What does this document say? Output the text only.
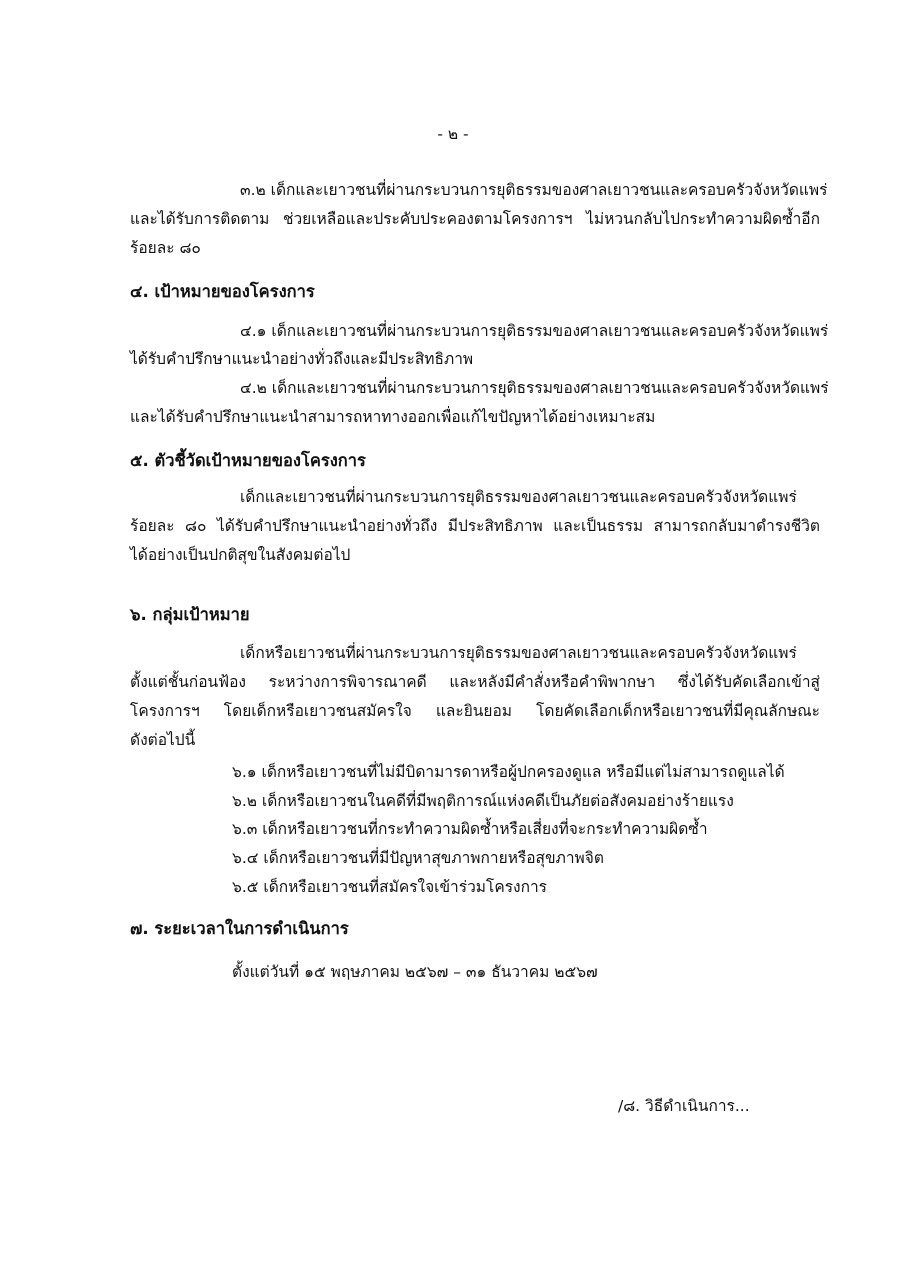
- ๒ -
๓.๒ เด็กและเยาวชนที่ผ่านกระบวนการยุติธรรมของศาลเยาวชนและครอบครัวจังหวัดแพร่
และได้รับการติดตาม ช่วยเหลือและประคับประคองตามโครงการฯ ไม่หวนกลับไปกระทำความผิดซ้ำอีก
ร้อยละ ๘๐
๔. เป้าหมายของโครงการ
๔.๑ เด็กและเยาวชนที่ผ่านกระบวนการยุติธรรมของศาลเยาวชนและครอบครัวจังหวัดแพร่
ได้รับคำปรึกษาแนะนำอย่างทั่วถึงและมีประสิทธิภาพ
๔.๒ เด็กและเยาวชนที่ผ่านกระบวนการยุติธรรมของศาลเยาวชนและครอบครัวจังหวัดแพร่
และได้รับคำปรึกษาแนะนำสามารถหาทางออกเพื่อแก้ไขปัญหาได้อย่างเหมาะสม
๕. ตัวชี้วัดเป้าหมายของโครงการ
เด็กและเยาวชนที่ผ่านกระบวนการยุติธรรมของศาลเยาวชนและครอบครัวจังหวัดแพร่
ร้อยละ ๘๐ ได้รับคำปรึกษาแนะนำอย่างทั่วถึง มีประสิทธิภาพ และเป็นธรรม สามารถกลับมาดำรงชีวิต
ได้อย่างเป็นปกติสุขในสังคมต่อไป
๖. กลุ่มเป้าหมาย
เด็กหรือเยาวชนที่ผ่านกระบวนการยุติธรรมของศาลเยาวชนและครอบครัวจังหวัดแพร่
ตั้งแต่ชั้นก่อนฟ้อง ระหว่างการพิจารณาคดี และหลังมีคำสั่งหรือคำพิพากษา ซึ่งได้รับคัดเลือกเข้าสู่
โครงการฯ โดยเด็กหรือเยาวชนสมัครใจ และยินยอม โดยคัดเลือกเด็กหรือเยาวชนที่มีคุณลักษณะ
ดังต่อไปนี้
๖.๑ เด็กหรือเยาวชนที่ไม่มีบิดามารดาหรือผู้ปกครองดูแล หรือมีแต่ไม่สามารถดูแลได้
๖.๒ เด็กหรือเยาวชนในคดีที่มีพฤติการณ์แห่งคดีเป็นภัยต่อสังคมอย่างร้ายแรง
๖.๓ เด็กหรือเยาวชนที่กระทำความผิดซ้ำหรือเสี่ยงที่จะกระทำความผิดซ้ำ
๖.๔ เด็กหรือเยาวชนที่มีปัญหาสุขภาพกายหรือสุขภาพจิต
๖.๕ เด็กหรือเยาวชนที่สมัครใจเข้าร่วมโครงการ
๗. ระยะเวลาในการดำเนินการ
ตั้งแต่วันที่ ๑๕ พฤษภาคม ๒๕๖๗ – ๓๑ ธันวาคม ๒๕๖๗
/๘. วิธีดำเนินการ...
